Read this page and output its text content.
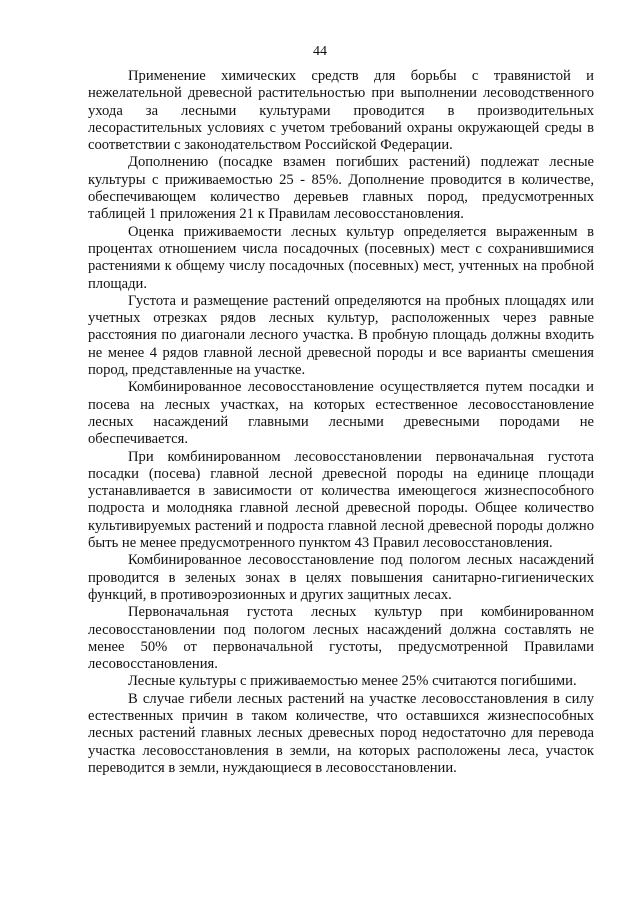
44

Применение химических средств для борьбы с травянистой и нежелательной древесной растительностью при выполнении лесоводственного ухода за лесными культурами проводится в производительных лесорастительных условиях с учетом требований охраны окружающей среды в соответствии с законодательством Российской Федерации.

Дополнению (посадке взамен погибших растений) подлежат лесные культуры с приживаемостью 25 - 85%. Дополнение проводится в количестве, обеспечивающем количество деревьев главных пород, предусмотренных таблицей 1 приложения 21 к Правилам лесовосстановления.

Оценка приживаемости лесных культур определяется выраженным в процентах отношением числа посадочных (посевных) мест с сохранившимися растениями к общему числу посадочных (посевных) мест, учтенных на пробной площади.

Густота и размещение растений определяются на пробных площадях или учетных отрезках рядов лесных культур, расположенных через равные расстояния по диагонали лесного участка. В пробную площадь должны входить не менее 4 рядов главной лесной древесной породы и все варианты смешения пород, представленные на участке.

Комбинированное лесовосстановление осуществляется путем посадки и посева на лесных участках, на которых естественное лесовосстановление лесных насаждений главными лесными древесными породами не обеспечивается.

При комбинированном лесовосстановлении первоначальная густота посадки (посева) главной лесной древесной породы на единице площади устанавливается в зависимости от количества имеющегося жизнеспособного подроста и молодняка главной лесной древесной породы. Общее количество культивируемых растений и подроста главной лесной древесной породы должно быть не менее предусмотренного пунктом 43 Правил лесовосстановления.

Комбинированное лесовосстановление под пологом лесных насаждений проводится в зеленых зонах в целях повышения санитарно-гигиенических функций, в противоэрозионных и других защитных лесах.

Первоначальная густота лесных культур при комбинированном лесовосстановлении под пологом лесных насаждений должна составлять не менее 50% от первоначальной густоты, предусмотренной Правилами лесовосстановления.

Лесные культуры с приживаемостью менее 25% считаются погибшими.

В случае гибели лесных растений на участке лесовосстановления в силу естественных причин в таком количестве, что оставшихся жизнеспособных лесных растений главных лесных древесных пород недостаточно для перевода участка лесовосстановления в земли, на которых расположены леса, участок переводится в земли, нуждающиеся в лесовосстановлении.
